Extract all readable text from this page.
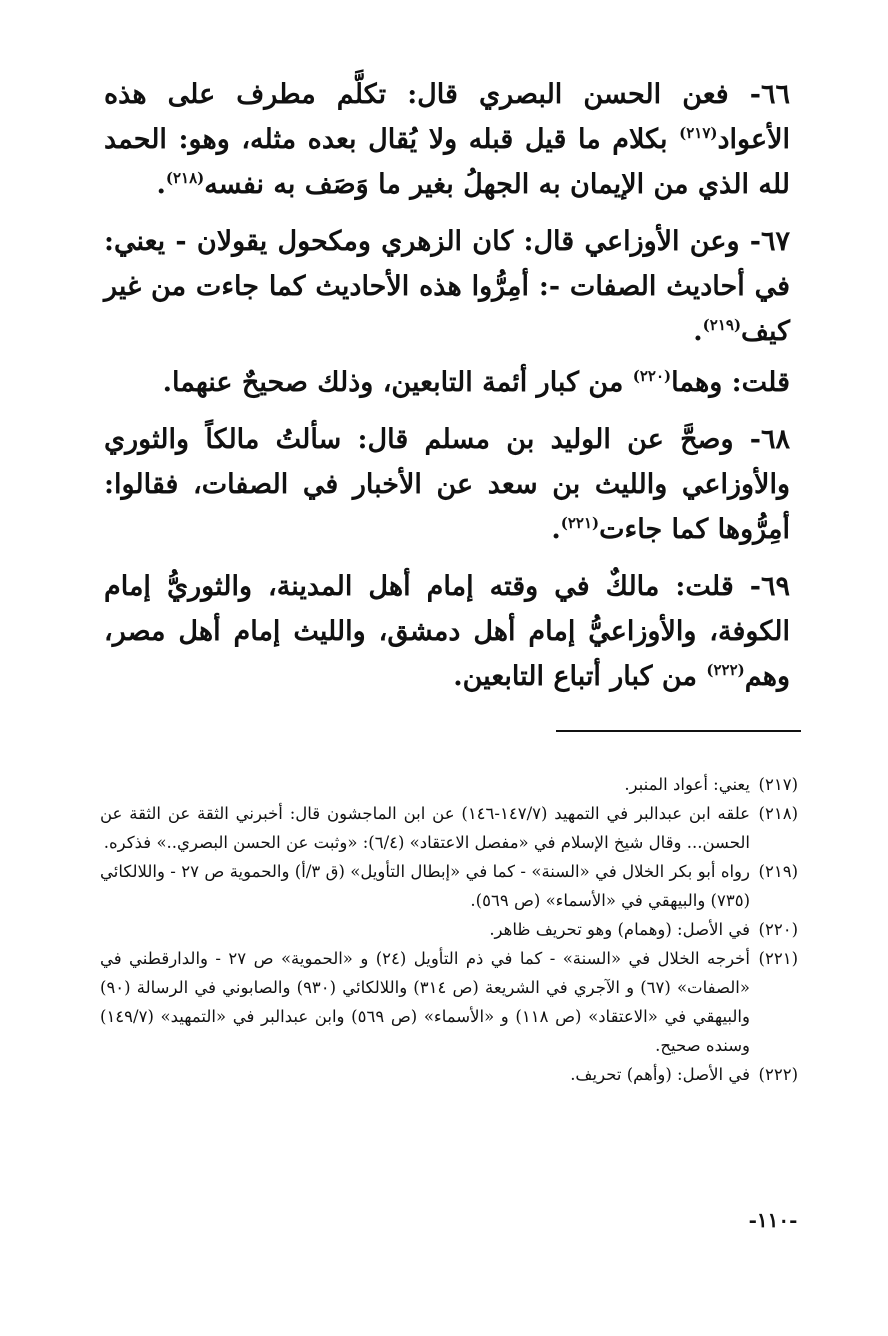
٦٦- فعن الحسن البصري قال: تكلَّم مطرف على هذه الأعواد$^{(٢١٧)}$ بكلام ما قيل قبله ولا يُقال بعده مثله، وهو: الحمد لله الذي من الإيمان به الجهلُ بغير ما وَصَف به نفسه$^{(٢١٨)}$.

٦٧- وعن الأوزاعي قال: كان الزهري ومكحول يقولان - يعني: في أحاديث الصفات -: أمِرُّوا هذه الأحاديث كما جاءت من غير كيف$^{(٢١٩)}$.

قلت: وهما$^{(٢٢٠)}$ من كبار أئمة التابعين، وذلك صحيحٌ عنهما.

٦٨- وصحَّ عن الوليد بن مسلم قال: سألتُ مالكاً والثوري والأوزاعي والليث بن سعد عن الأخبار في الصفات، فقالوا: أمِرُّوها كما جاءت$^{(٢٢١)}$.

٦٩- قلت: مالكٌ في وقته إمام أهل المدينة، والثوريُّ إمام الكوفة، والأوزاعيُّ إمام أهل دمشق، والليث إمام أهل مصر، وهم$^{(٢٢٢)}$ من كبار أتباع التابعين.

(٢١٧)
يعني: أعواد المنبر.
(٢١٨)
علقه ابن عبدالبر في التمهيد (١٤٧/٧-١٤٦) عن ابن الماجشون قال: أخبرني الثقة عن الثقة عن الحسن... وقال شيخ الإسلام في «مفصل الاعتقاد» (٦/٤): «وثبت عن الحسن البصري..» فذكره.
(٢١٩)
رواه أبو بكر الخلال في «السنة» - كما في «إبطال التأويل» (ق ٣/أ) والحموية ص ٢٧ - واللالكائي (٧٣٥) والبيهقي في «الأسماء» (ص ٥٦٩).
(٢٢٠)
في الأصل: (وهمام) وهو تحريف ظاهر.
(٢٢١)
أخرجه الخلال في «السنة» - كما في ذم التأويل (٢٤) و «الحموية» ص ٢٧ - والدارقطني في «الصفات» (٦٧) و الآجري في الشريعة (ص ٣١٤) واللالكائي (٩٣٠) والصابوني في الرسالة (٩٠) والبيهقي في «الاعتقاد» (ص ١١٨) و «الأسماء» (ص ٥٦٩) وابن عبدالبر في «التمهيد» (١٤٩/٧) وسنده صحيح.
(٢٢٢)
في الأصل: (وأهم) تحريف.
-١١٠-
